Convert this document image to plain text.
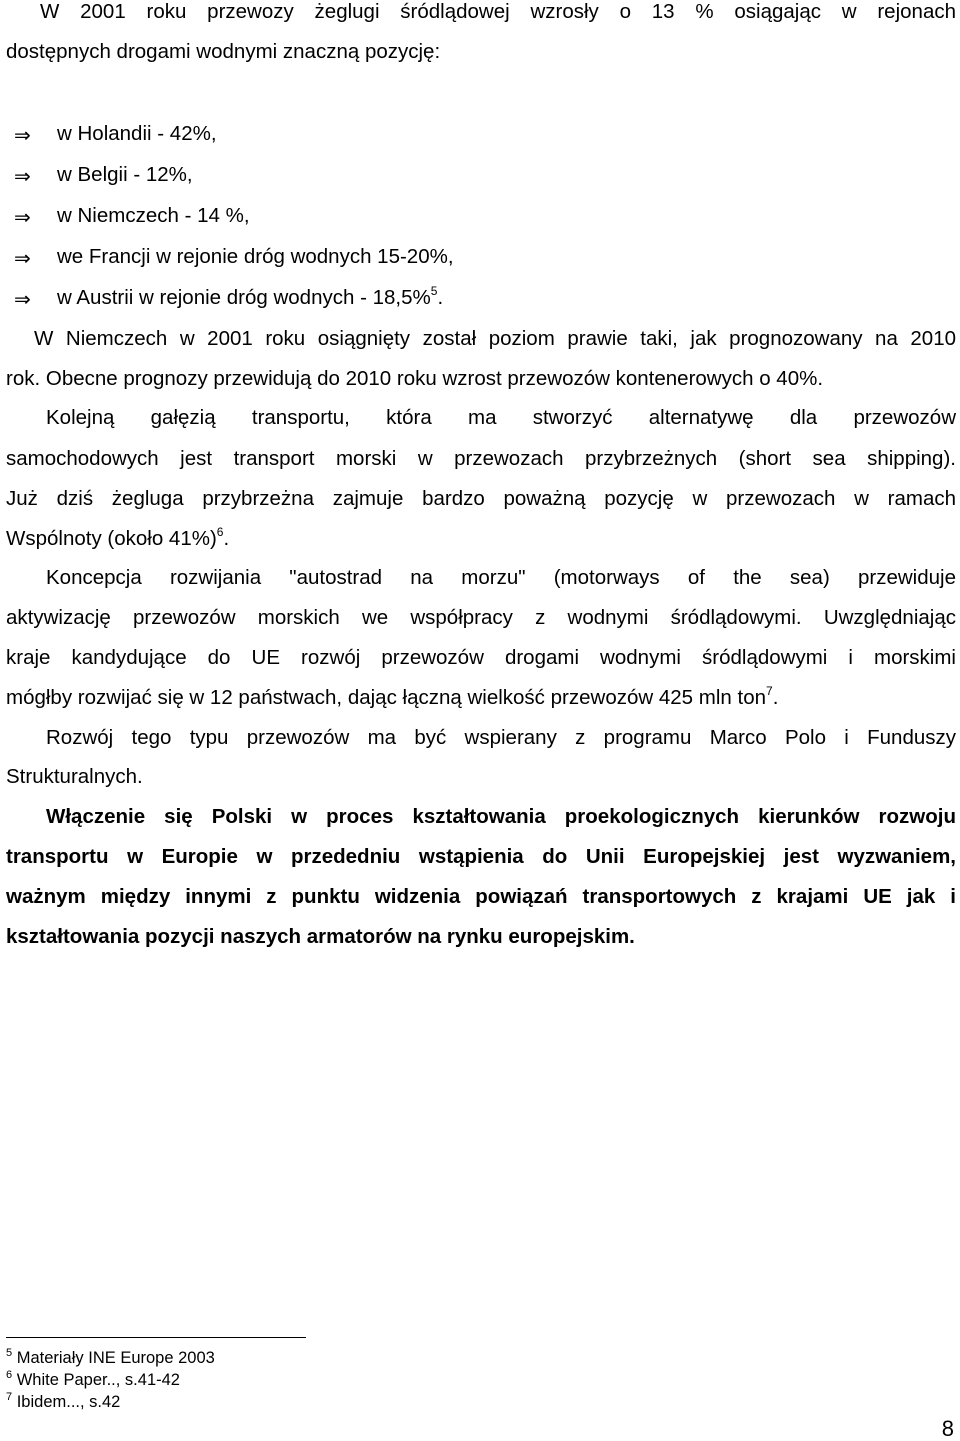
W 2001 roku przewozy żeglugi śródlądowej wzrosły o 13 % osiągając w rejonach
dostępnych drogami wodnymi znaczną pozycję:
⇒ w Holandii - 42%,
⇒ w Belgii - 12%,
⇒ w Niemczech - 14 %,
⇒ we Francji w rejonie dróg wodnych 15-20%,
⇒ w Austrii w rejonie dróg wodnych - 18,5%$^5$.
W Niemczech w 2001 roku osiągnięty został poziom prawie taki, jak prognozowany na 2010
rok. Obecne prognozy przewidują do 2010 roku wzrost przewozów kontenerowych o 40%.
Kolejną gałęzią transportu, która ma stworzyć alternatywę dla przewozów
samochodowych jest transport morski w przewozach przybrzeżnych (short sea shipping).
Już dziś żegluga przybrzeżna zajmuje bardzo poważną pozycję w przewozach w ramach
Wspólnoty (około 41%)$^6$.
Koncepcja rozwijania "autostrad na morzu" (motorways of the sea) przewiduje
aktywizację przewozów morskich we współpracy z wodnymi śródlądowymi. Uwzględniając
kraje kandydujące do UE rozwój przewozów drogami wodnymi śródlądowymi i morskimi
mógłby rozwijać się w 12 państwach, dając łączną wielkość przewozów 425 mln ton$^7$.
Rozwój tego typu przewozów ma być wspierany z programu Marco Polo i Funduszy
Strukturalnych.
Włączenie się Polski w proces kształtowania proekologicznych kierunków rozwoju
transportu w Europie w przededniu wstąpienia do Unii Europejskiej jest wyzwaniem,
ważnym między innymi z punktu widzenia powiązań transportowych z krajami UE jak i
kształtowania pozycji naszych armatorów na rynku europejskim.
$^5$ Materiały INE Europe 2003
$^6$ White Paper.., s.41-42
$^7$ Ibidem..., s.42
8
